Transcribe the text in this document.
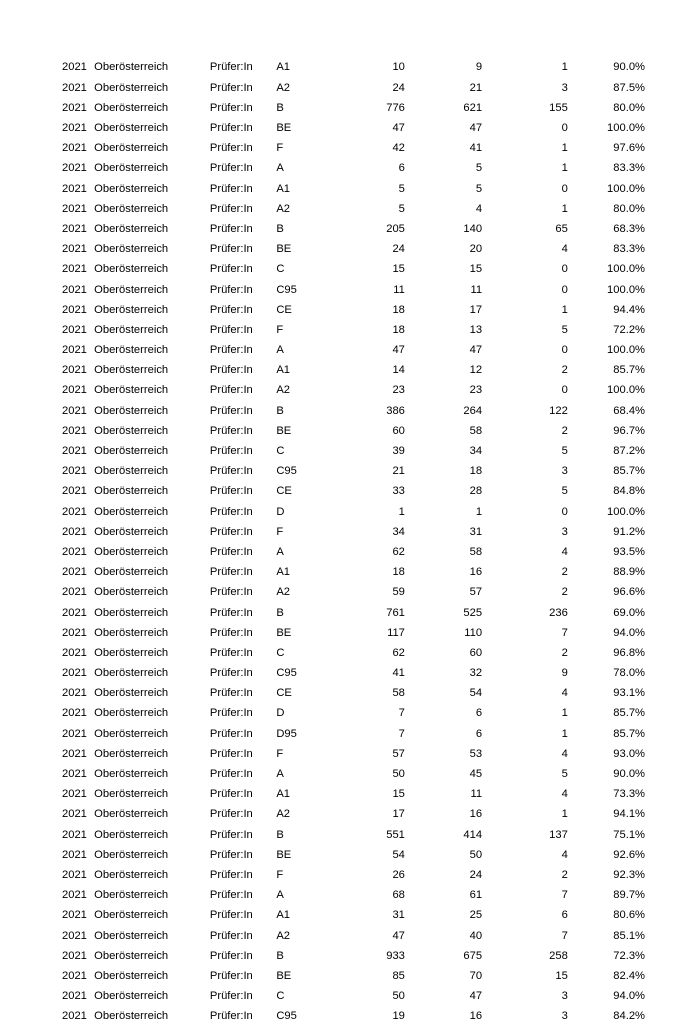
2021	Oberösterreich	Prüfer:In	A1	10	9	1	90.0%
2021	Oberösterreich	Prüfer:In	A2	24	21	3	87.5%
2021	Oberösterreich	Prüfer:In	B	776	621	155	80.0%
2021	Oberösterreich	Prüfer:In	BE	47	47	0	100.0%
2021	Oberösterreich	Prüfer:In	F	42	41	1	97.6%
2021	Oberösterreich	Prüfer:In	A	6	5	1	83.3%
2021	Oberösterreich	Prüfer:In	A1	5	5	0	100.0%
2021	Oberösterreich	Prüfer:In	A2	5	4	1	80.0%
2021	Oberösterreich	Prüfer:In	B	205	140	65	68.3%
2021	Oberösterreich	Prüfer:In	BE	24	20	4	83.3%
2021	Oberösterreich	Prüfer:In	C	15	15	0	100.0%
2021	Oberösterreich	Prüfer:In	C95	11	11	0	100.0%
2021	Oberösterreich	Prüfer:In	CE	18	17	1	94.4%
2021	Oberösterreich	Prüfer:In	F	18	13	5	72.2%
2021	Oberösterreich	Prüfer:In	A	47	47	0	100.0%
2021	Oberösterreich	Prüfer:In	A1	14	12	2	85.7%
2021	Oberösterreich	Prüfer:In	A2	23	23	0	100.0%
2021	Oberösterreich	Prüfer:In	B	386	264	122	68.4%
2021	Oberösterreich	Prüfer:In	BE	60	58	2	96.7%
2021	Oberösterreich	Prüfer:In	C	39	34	5	87.2%
2021	Oberösterreich	Prüfer:In	C95	21	18	3	85.7%
2021	Oberösterreich	Prüfer:In	CE	33	28	5	84.8%
2021	Oberösterreich	Prüfer:In	D	1	1	0	100.0%
2021	Oberösterreich	Prüfer:In	F	34	31	3	91.2%
2021	Oberösterreich	Prüfer:In	A	62	58	4	93.5%
2021	Oberösterreich	Prüfer:In	A1	18	16	2	88.9%
2021	Oberösterreich	Prüfer:In	A2	59	57	2	96.6%
2021	Oberösterreich	Prüfer:In	B	761	525	236	69.0%
2021	Oberösterreich	Prüfer:In	BE	117	110	7	94.0%
2021	Oberösterreich	Prüfer:In	C	62	60	2	96.8%
2021	Oberösterreich	Prüfer:In	C95	41	32	9	78.0%
2021	Oberösterreich	Prüfer:In	CE	58	54	4	93.1%
2021	Oberösterreich	Prüfer:In	D	7	6	1	85.7%
2021	Oberösterreich	Prüfer:In	D95	7	6	1	85.7%
2021	Oberösterreich	Prüfer:In	F	57	53	4	93.0%
2021	Oberösterreich	Prüfer:In	A	50	45	5	90.0%
2021	Oberösterreich	Prüfer:In	A1	15	11	4	73.3%
2021	Oberösterreich	Prüfer:In	A2	17	16	1	94.1%
2021	Oberösterreich	Prüfer:In	B	551	414	137	75.1%
2021	Oberösterreich	Prüfer:In	BE	54	50	4	92.6%
2021	Oberösterreich	Prüfer:In	F	26	24	2	92.3%
2021	Oberösterreich	Prüfer:In	A	68	61	7	89.7%
2021	Oberösterreich	Prüfer:In	A1	31	25	6	80.6%
2021	Oberösterreich	Prüfer:In	A2	47	40	7	85.1%
2021	Oberösterreich	Prüfer:In	B	933	675	258	72.3%
2021	Oberösterreich	Prüfer:In	BE	85	70	15	82.4%
2021	Oberösterreich	Prüfer:In	C	50	47	3	94.0%
2021	Oberösterreich	Prüfer:In	C95	19	16	3	84.2%
